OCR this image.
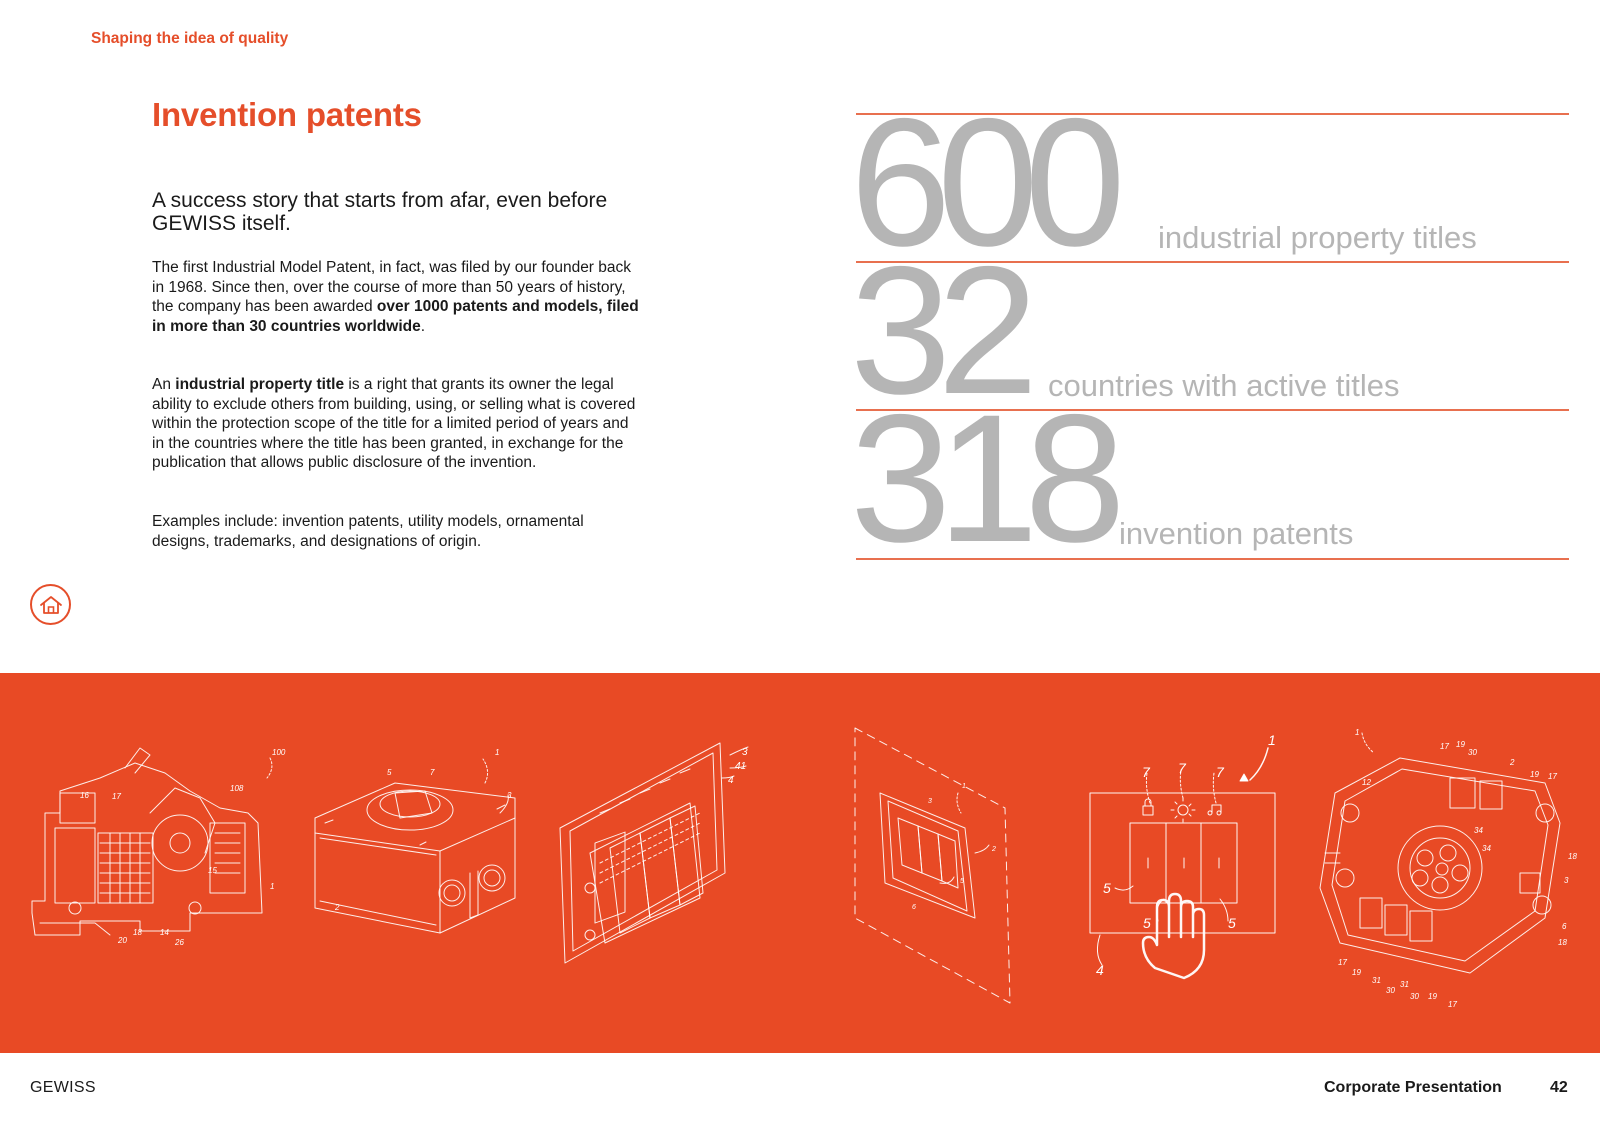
Shaping the idea of quality
Invention patents
A success story that starts from afar, even before GEWISS itself.

The first Industrial Model Patent, in fact, was filed by our founder back in 1968. Since then, over the course of more than 50 years of history, the company has been awarded over 1000 patents and models, filed in more than 30 countries worldwide.

An industrial property title is a right that grants its owner the legal ability to exclude others from building, using, or selling what is covered within the protection scope of the title for a limited period of years and in the countries where the title has been granted, in exchange for the publication that allows public disclosure of the invention.

Examples include: invention patents, utility models, ornamental designs, trademarks, and designations of origin.

600 industrial property titles
32 countries with active titles
318 invention patents
100
108
16	17
15
1
20
18 14
26
1
5	7
3
2
3
41
4
3
1
2
5
6
1
7 7 7
5
5	5
4
1
17 19
30
2
19 17
12
34
34
18
3
6
18
17
19
31
30
31
30 19
17
GEWISS	Corporate Presentation	42
